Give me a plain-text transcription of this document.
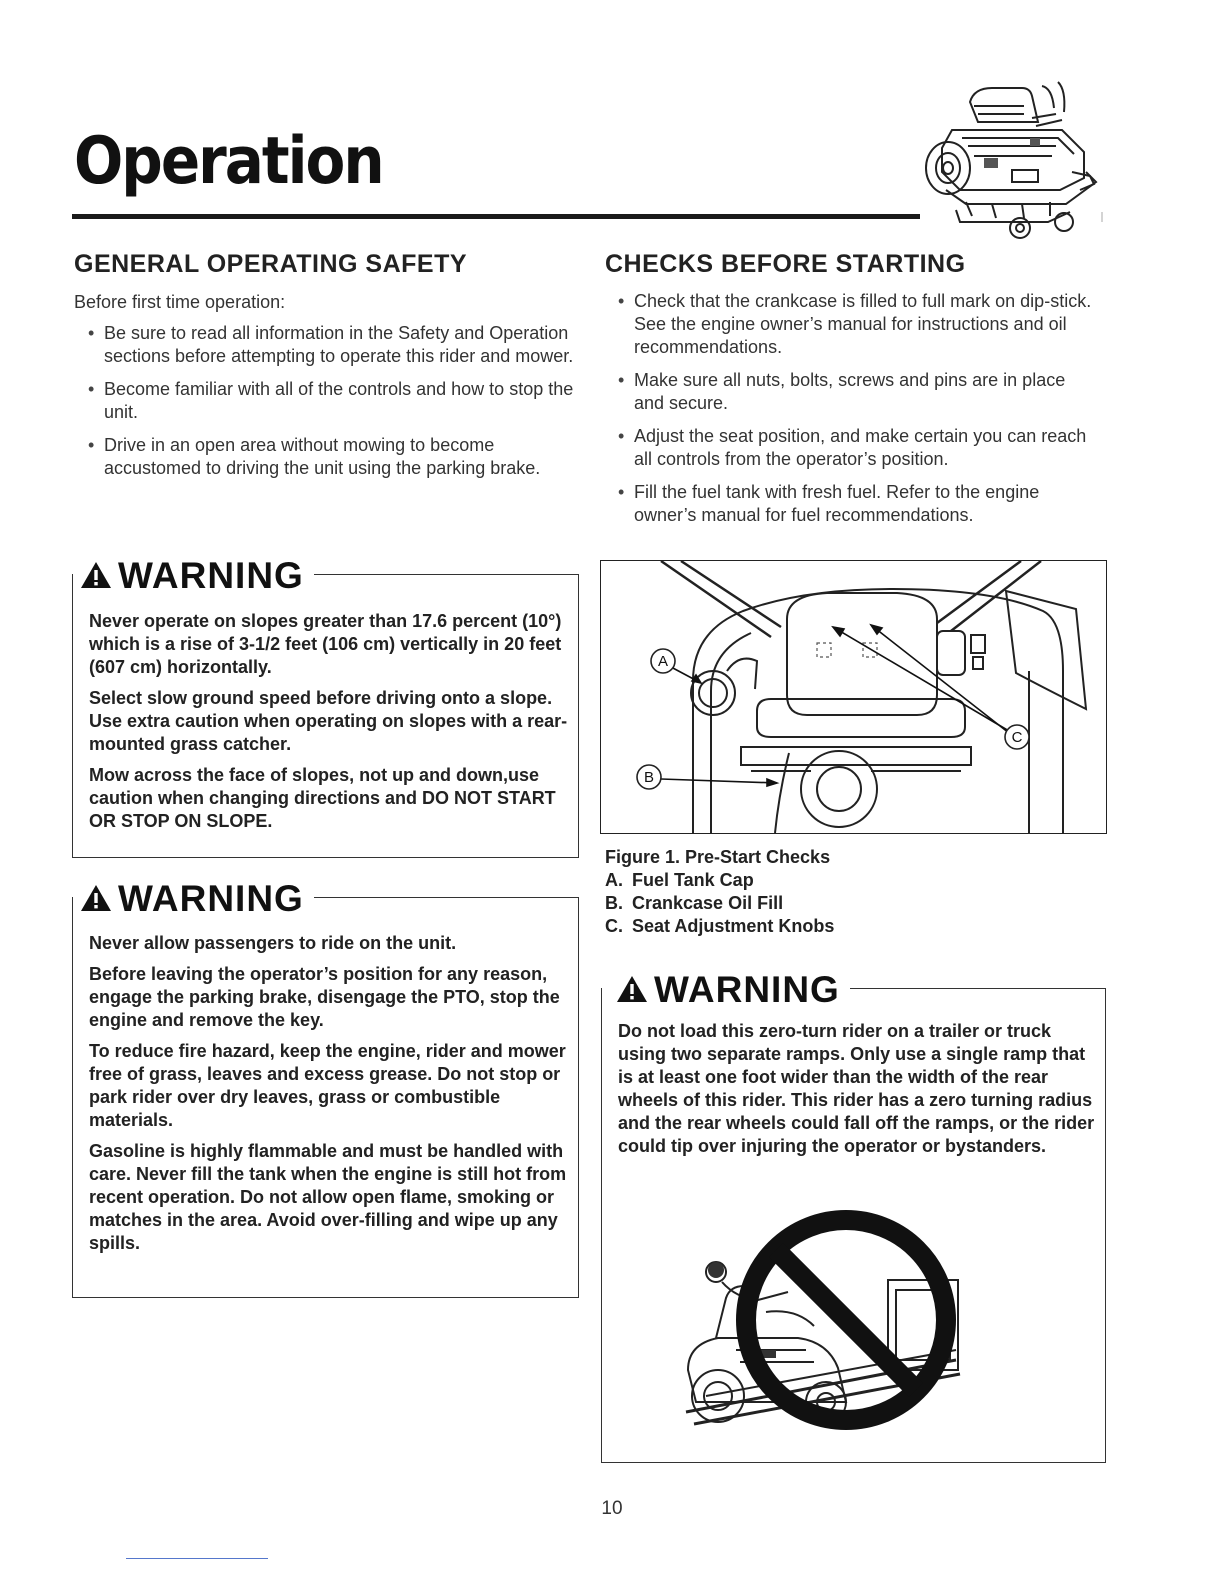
Operation
GENERAL OPERATING SAFETY

Before first time operation:

• Be sure to read all information in the Safety and Operation sections before attempting to operate this rider and mower.
• Become familiar with all of the controls and how to stop the unit.
• Drive in an open area without mowing to become accustomed to driving the unit using the parking brake.
WARNING

Never operate on slopes greater than 17.6 percent (10°) which is a rise of 3-1/2 feet (106 cm) vertically in 20 feet (607 cm) horizontally.

Select slow ground speed before driving onto a slope. Use extra caution when operating on slopes with a rear-mounted grass catcher.

Mow across the face of slopes, not up and down,use caution when changing directions and DO NOT START OR STOP ON SLOPE.

WARNING

Never allow passengers to ride on the unit.

Before leaving the operator’s position for any reason, engage the parking brake, disengage the PTO, stop the engine and remove the key.

To reduce fire hazard, keep the engine, rider and mower free of grass, leaves and excess grease. Do not stop or park rider over dry leaves, grass or combustible materials.

Gasoline is highly flammable and must be handled with care. Never fill the tank when the engine is still hot from recent operation. Do not allow open flame, smoking or matches in the area. Avoid over-filling and wipe up any spills.

CHECKS BEFORE STARTING
• Check that the crankcase is filled to full mark on dip-stick. See the engine owner’s manual for instructions and oil recommendations.
• Make sure all nuts, bolts, screws and pins are in place and secure.
• Adjust the seat position, and make certain you can reach all controls from the operator’s position.
• Fill the fuel tank with fresh fuel. Refer to the engine owner’s manual for fuel recommendations.
A
B
C
Figure 1. Pre-Start Checks
A. Fuel Tank Cap
B. Crankcase Oil Fill
C. Seat Adjustment Knobs
WARNING

Do not load this zero-turn rider on a trailer or truck using two separate ramps. Only use a single ramp that is at least one foot wider than the width of the rear wheels of this rider. This rider has a zero turning radius and the rear wheels could fall off the ramps, or the rider could tip over injuring the operator or bystanders.

10
